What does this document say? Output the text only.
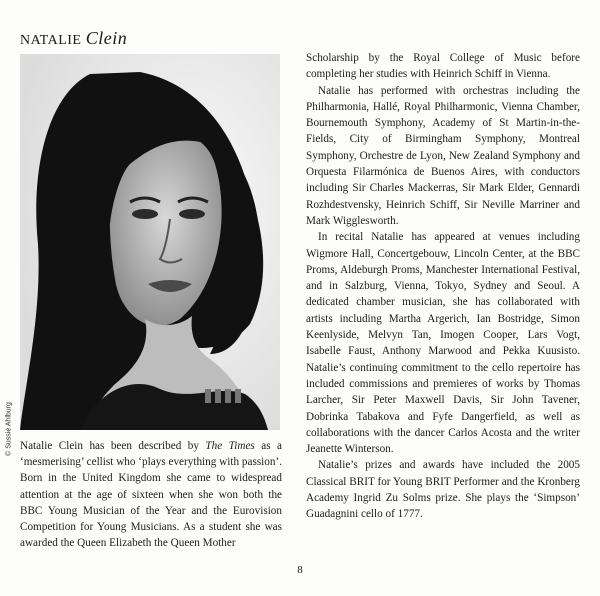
NATALIE Clein
© Sussie Ahlburg Natalie Clein has been described by The Times as a ‘mesmerising’ cellist who ‘plays everything with passion’. Born in the United Kingdom she came to widespread attention at the age of sixteen when she won both the BBC Young Musician of the Year and the Eurovision Competition for Young Musicians. As a student she was awarded the Queen Elizabeth the Queen Mother

Scholarship by the Royal College of Music before completing her studies with Heinrich Schiff in Vienna.

Natalie has performed with orchestras including the Philharmonia, Hallé, Royal Philharmonic, Vienna Chamber, Bournemouth Symphony, Academy of St Martin-in-the-Fields, City of Birmingham Symphony, Montreal Symphony, Orchestre de Lyon, New Zealand Symphony and Orquesta Filarmónica de Buenos Aires, with conductors including Sir Charles Mackerras, Sir Mark Elder, Gennardi Rozhdestvensky, Heinrich Schiff, Sir Neville Marriner and Mark Wigglesworth.

In recital Natalie has appeared at venues including Wigmore Hall, Concertgebouw, Lincoln Center, at the BBC Proms, Aldeburgh Proms, Manchester International Festival, and in Salzburg, Vienna, Tokyo, Sydney and Seoul. A dedicated chamber musician, she has collaborated with artists including Martha Argerich, Ian Bostridge, Simon Keenlyside, Melvyn Tan, Imogen Cooper, Lars Vogt, Isabelle Faust, Anthony Marwood and Pekka Kuusisto. Natalie’s continuing commitment to the cello repertoire has included commissions and premieres of works by Thomas Larcher, Sir Peter Maxwell Davis, Sir John Tavener, Dobrinka Tabakova and Fyfe Dangerfield, as well as collaborations with the dancer Carlos Acosta and the writer Jeanette Winterson.

Natalie’s prizes and awards have included the 2005 Classical BRIT for Young BRIT Performer and the Kronberg Academy Ingrid Zu Solms prize. She plays the ‘Simpson’ Guadagnini cello of 1777.

8
